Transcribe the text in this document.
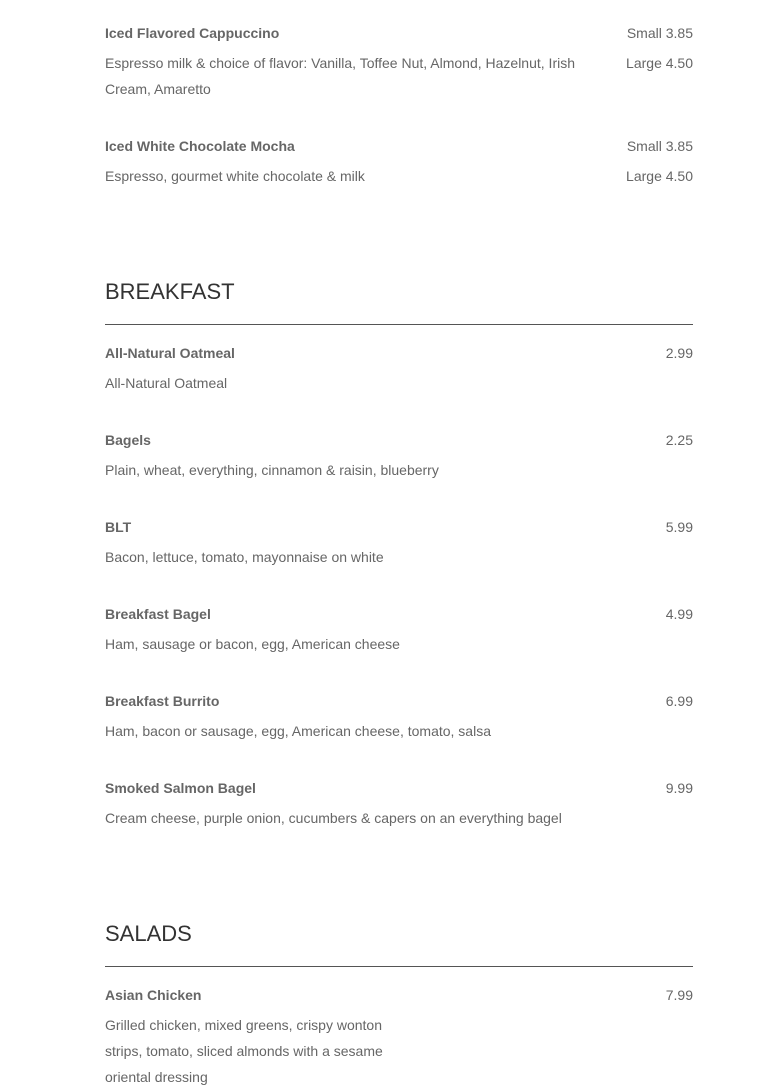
Iced Flavored Cappuccino
Espresso milk & choice of flavor: Vanilla, Toffee Nut, Almond, Hazelnut, Irish Cream, Amaretto
Small 3.85
Large 4.50
Iced White Chocolate Mocha
Espresso, gourmet white chocolate & milk
Small 3.85
Large 4.50
BREAKFAST
All-Natural Oatmeal
All-Natural Oatmeal
2.99
Bagels
Plain, wheat, everything, cinnamon & raisin, blueberry
2.25
BLT
Bacon, lettuce, tomato, mayonnaise on white
5.99
Breakfast Bagel
Ham, sausage or bacon, egg, American cheese
4.99
Breakfast Burrito
Ham, bacon or sausage, egg, American cheese, tomato, salsa
6.99
Smoked Salmon Bagel
Cream cheese, purple onion, cucumbers & capers on an everything bagel
9.99
SALADS
Asian Chicken
Grilled chicken, mixed greens, crispy wonton strips, tomato, sliced almonds with a sesame oriental dressing
7.99
